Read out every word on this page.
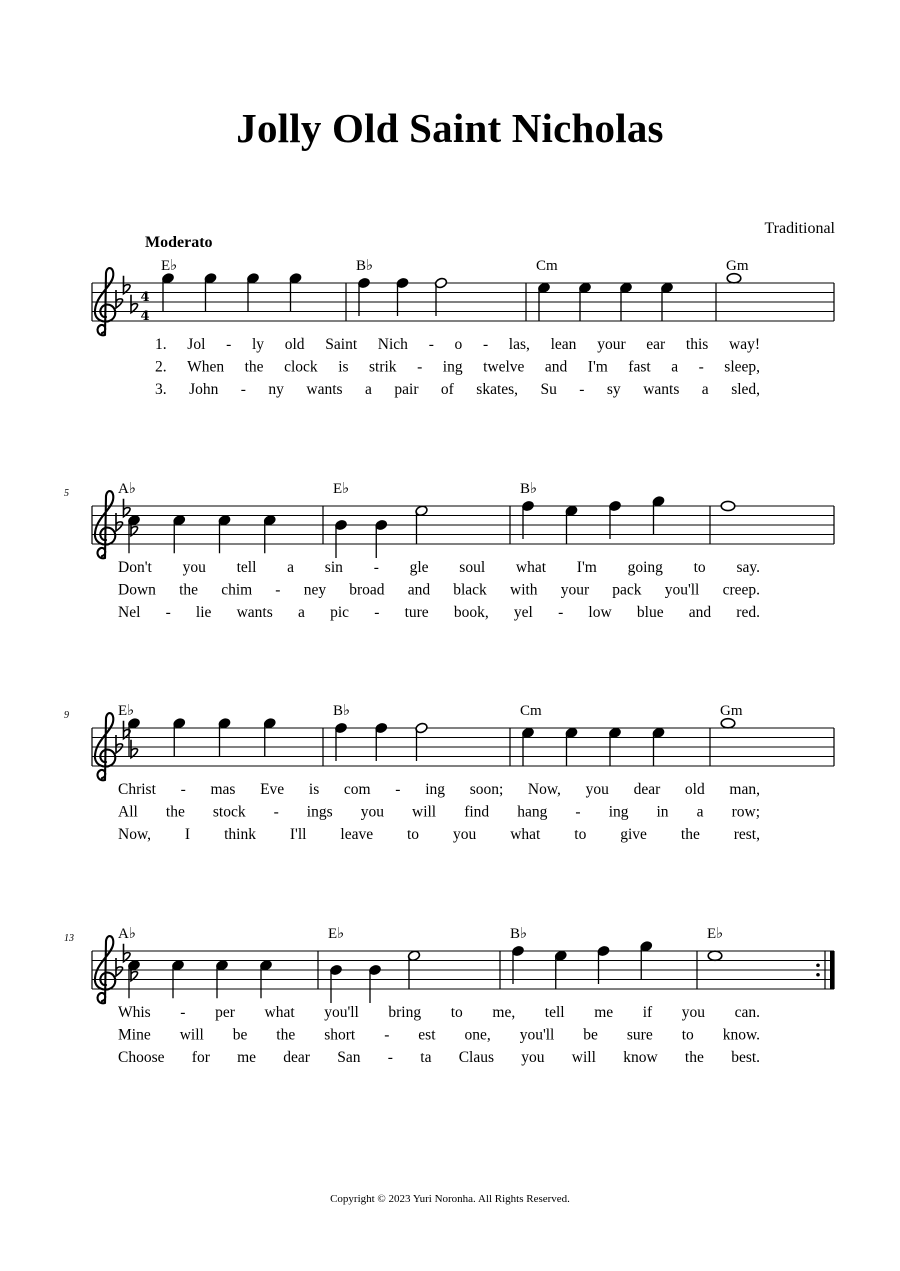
Jolly Old Saint Nicholas
Traditional
Moderato
4
4
E♭	B♭	Cm	Gm
1. Jol - ly old Saint Nich - o - las, lean your ear this way!
2. When the clock is strik - ing twelve and I'm fast a - sleep,
3. John - ny wants a pair of skates, Su - sy wants a sled,
5	A♭	E♭	B♭
Don't you tell a sin - gle soul what I'm going to say.
Down the chim - ney broad and black with your pack you'll creep.
Nel - lie wants a pic - ture book, yel - low blue and red.
9	E♭	B♭	Cm	Gm
Christ - mas Eve is com - ing soon; Now, you dear old man,
All the stock - ings you will find hang - ing in a row;
Now, I think I'll leave to you what to give the rest,
13	A♭	E♭	B♭	E♭
Whis - per what you'll bring to me, tell me if you can.
Mine will be the short - est one, you'll be sure to know.
Choose for me dear San - ta Claus you will know the best.
Copyright © 2023 Yuri Noronha. All Rights Reserved.
